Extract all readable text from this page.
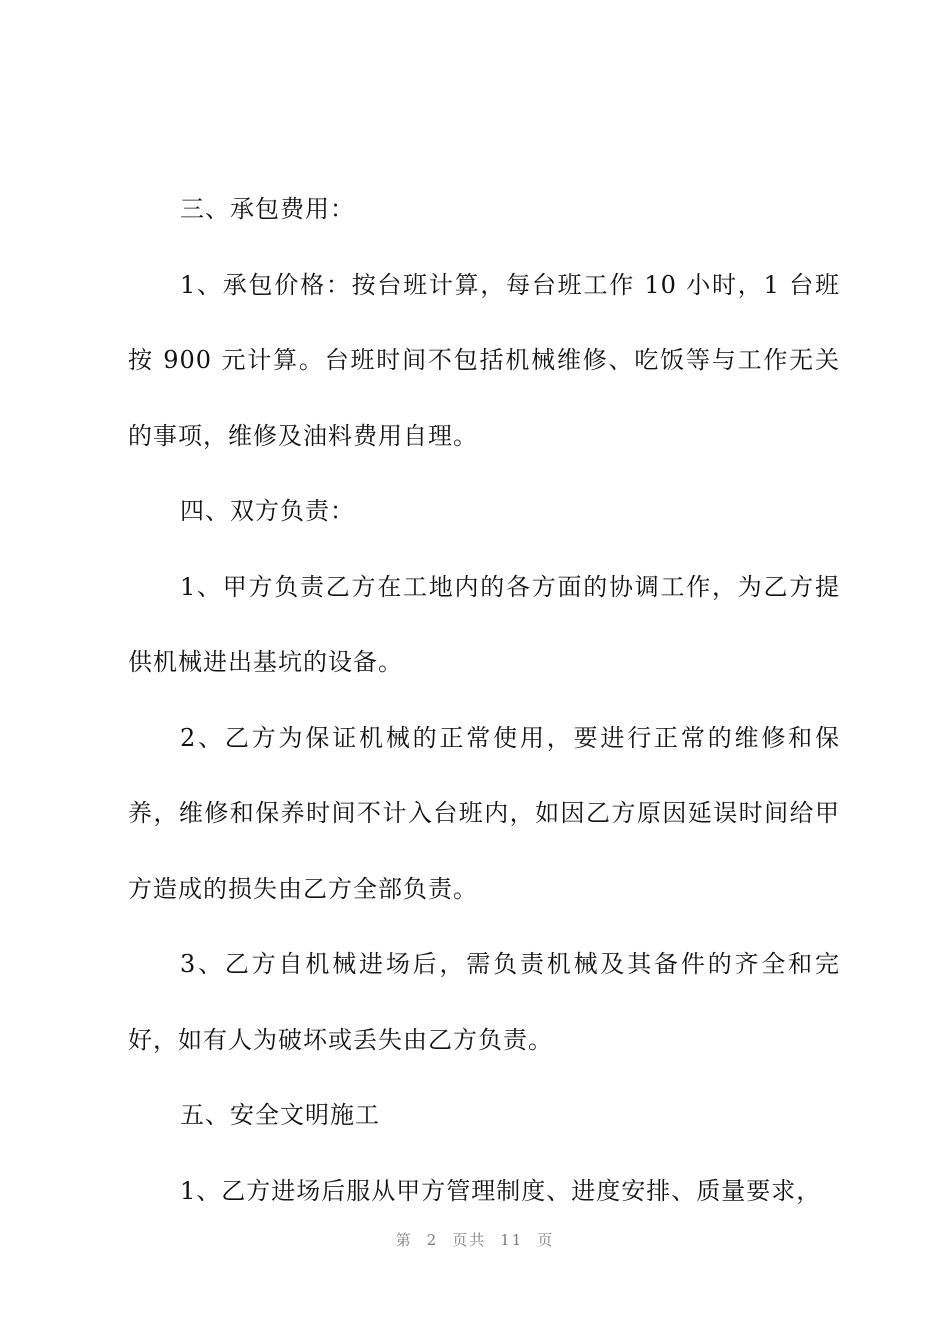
三、承包费用：

1、承包价格：按台班计算，每台班工作 10 小时，1 台班按 900 元计算。台班时间不包括机械维修、吃饭等与工作无关的事项，维修及油料费用自理。

四、双方负责：

1、甲方负责乙方在工地内的各方面的协调工作，为乙方提供机械进出基坑的设备。

2、乙方为保证机械的正常使用，要进行正常的维修和保养，维修和保养时间不计入台班内，如因乙方原因延误时间给甲方造成的损失由乙方全部负责。

3、乙方自机械进场后，需负责机械及其备件的齐全和完好，如有人为破坏或丢失由乙方负责。

五、安全文明施工

1、乙方进场后服从甲方管理制度、进度安排、质量要求，

第 2 页共 11 页
